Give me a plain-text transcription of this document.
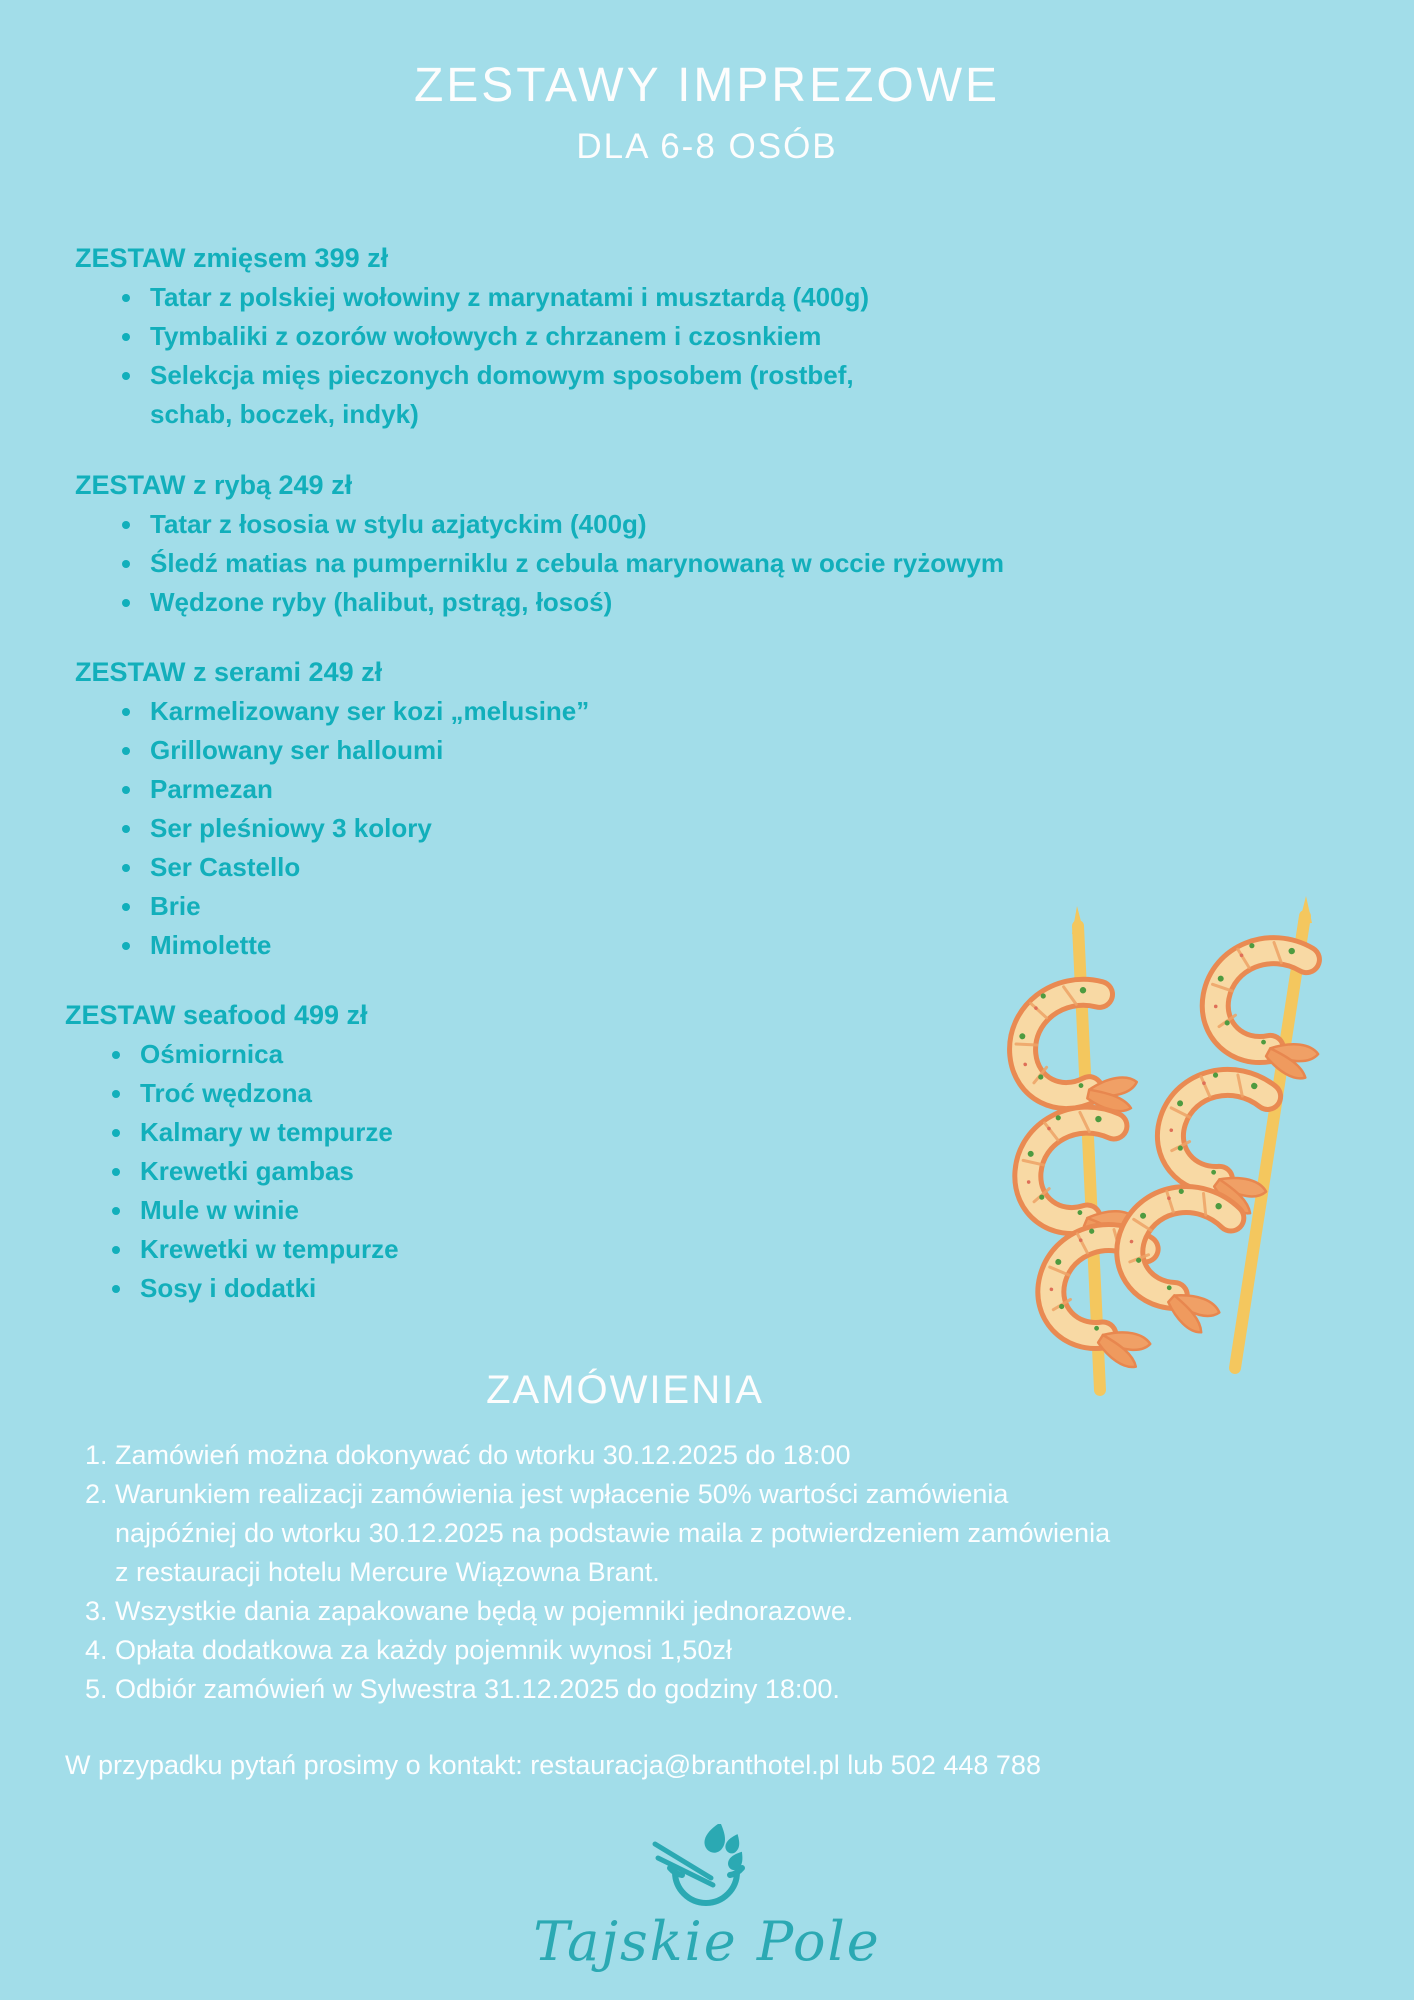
ZESTAWY IMPREZOWE
DLA 6-8 OSÓB
ZESTAW zmięsem 399 zł
Tatar z polskiej wołowiny z marynatami i musztardą (400g)
Tymbaliki z ozorów wołowych z chrzanem i czosnkiem
Selekcja mięs pieczonych domowym sposobem (rostbef, schab, boczek, indyk)
ZESTAW z rybą 249 zł
Tatar z łososia w stylu azjatyckim (400g)
Śledź matias na pumperniklu z cebula marynowaną w occie ryżowym
Wędzone ryby (halibut, pstrąg, łosoś)
ZESTAW z serami 249 zł
Karmelizowany ser kozi „melusine”
Grillowany ser halloumi
Parmezan
Ser pleśniowy 3 kolory
Ser Castello
Brie
Mimolette
ZESTAW seafood 499 zł
Ośmiornica
Troć wędzona
Kalmary w tempurze
Krewetki gambas
Mule w winie
Krewetki w tempurze
Sosy i dodatki
ZAMÓWIENIA
Zamówień można dokonywać do wtorku 30.12.2025 do 18:00
Warunkiem realizacji zamówienia jest wpłacenie 50% wartości zamówienia najpóźniej do wtorku 30.12.2025 na podstawie maila z potwierdzeniem zamówienia z restauracji hotelu Mercure Wiązowna Brant.
Wszystkie dania zapakowane będą w pojemniki jednorazowe.
Opłata dodatkowa za każdy pojemnik wynosi 1,50zł
Odbiór zamówień w Sylwestra 31.12.2025 do godziny 18:00.
W przypadku pytań prosimy o kontakt: restauracja@branthotel.pl lub 502 448 788
Tajskie Pole
